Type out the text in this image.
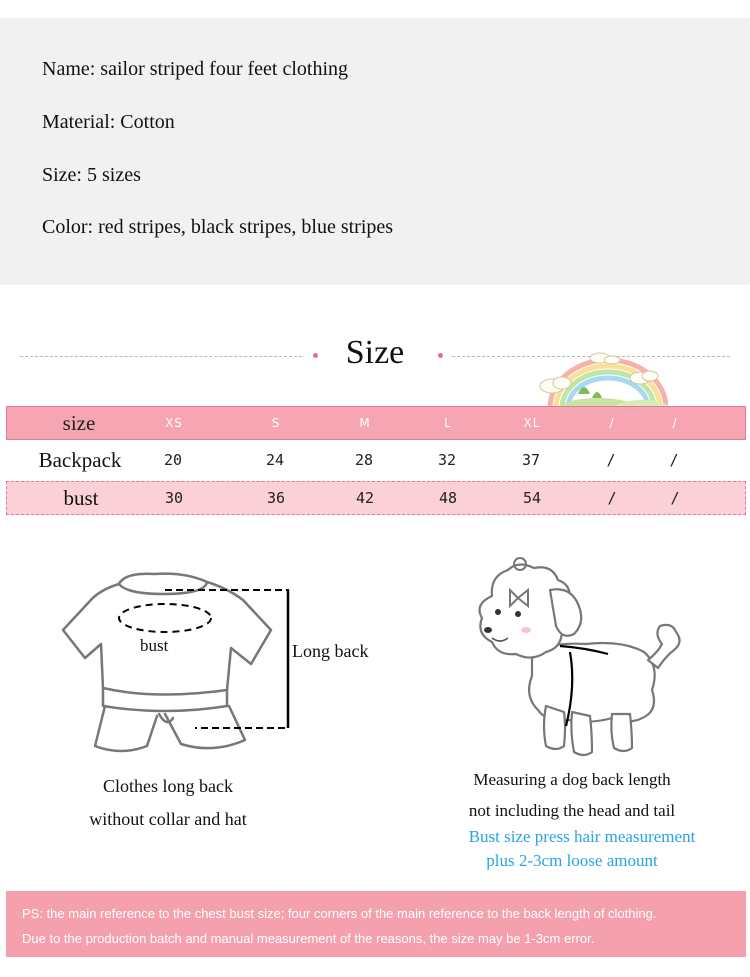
Name: sailor striped four feet clothing
Material: Cotton
Size: 5 sizes
Color: red stripes, black stripes, blue stripes
Size
size	XS	S	M	L	XL	/	/
Backpack	20	24	28	32	37	/	/
bust	30	36	42	48	54	/	/
bust	Long back
Clothes long back
without collar and hat
Measuring a dog back length
not including the head and tail
Bust size press hair measurement
plus 2-3cm loose amount
PS: the main reference to the chest bust size; four corners of the main reference to the back length of clothing.
Due to the production batch and manual measurement of the reasons, the size may be 1-3cm error.
